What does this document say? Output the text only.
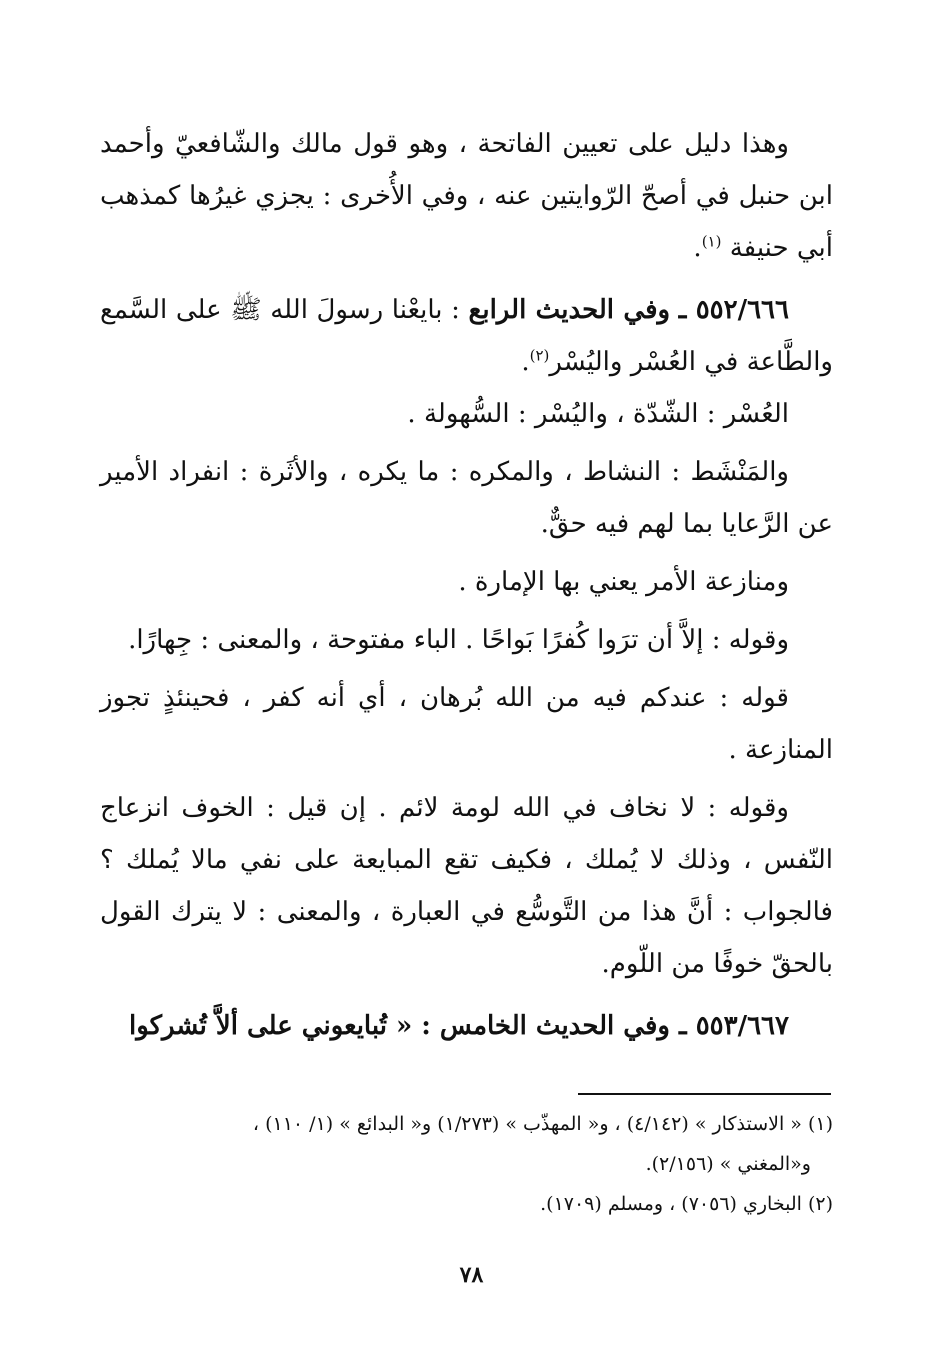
وهذا دليل على تعيين الفاتحة ، وهو قول مالك والشّافعيّ وأحمد ابن حنبل في أصحّ الرّوايتين عنه ، وفي الأُخرى : يجزي غيرُها كمذهب أبي حنيفة $^{(١)}$.

٥٥٢/٦٦٦ ـ وفي الحديث الرابع : بايعْنا رسولَ الله ﷺ على السَّمع والطَّاعة في العُسْر واليُسْر$^{(٢)}$.

العُسْر : الشّدّة ، واليُسْر : السُّهولة .

والمَنْشَط : النشاط ، والمكره : ما يكره ، والأثَرة : انفراد الأمير عن الرَّعايا بما لهم فيه حقٌّ.

ومنازعة الأمر يعني بها الإمارة .

وقوله : إلاَّ أن ترَوا كُفرًا بَواحًا . الباء مفتوحة ، والمعنى : جِهارًا.

قوله : عندكم فيه من الله بُرهان ، أي أنه كفر ، فحينئذٍ تجوز المنازعة .

وقوله : لا نخاف في الله لومة لائم . إن قيل : الخوف انزعاج النّفس ، وذلك لا يُملك ، فكيف تقع المبايعة على نفي مالا يُملك ؟ فالجواب : أنَّ هذا من التَّوسُّع في العبارة ، والمعنى : لا يترك القول بالحقّ خوفًا من اللّوم.

٥٥٣/٦٦٧ ـ وفي الحديث الخامس : « تُبايعوني على ألاَّ تُشركوا

(١) « الاستذكار » (٤/١٤٢) ، و« المهذّب » (١/٢٧٣) و« البدائع » (١/ ١١٠) ،

و«المغني » (٢/١٥٦).

(٢) البخاري (٧٠٥٦) ، ومسلم (١٧٠٩).

٧٨
